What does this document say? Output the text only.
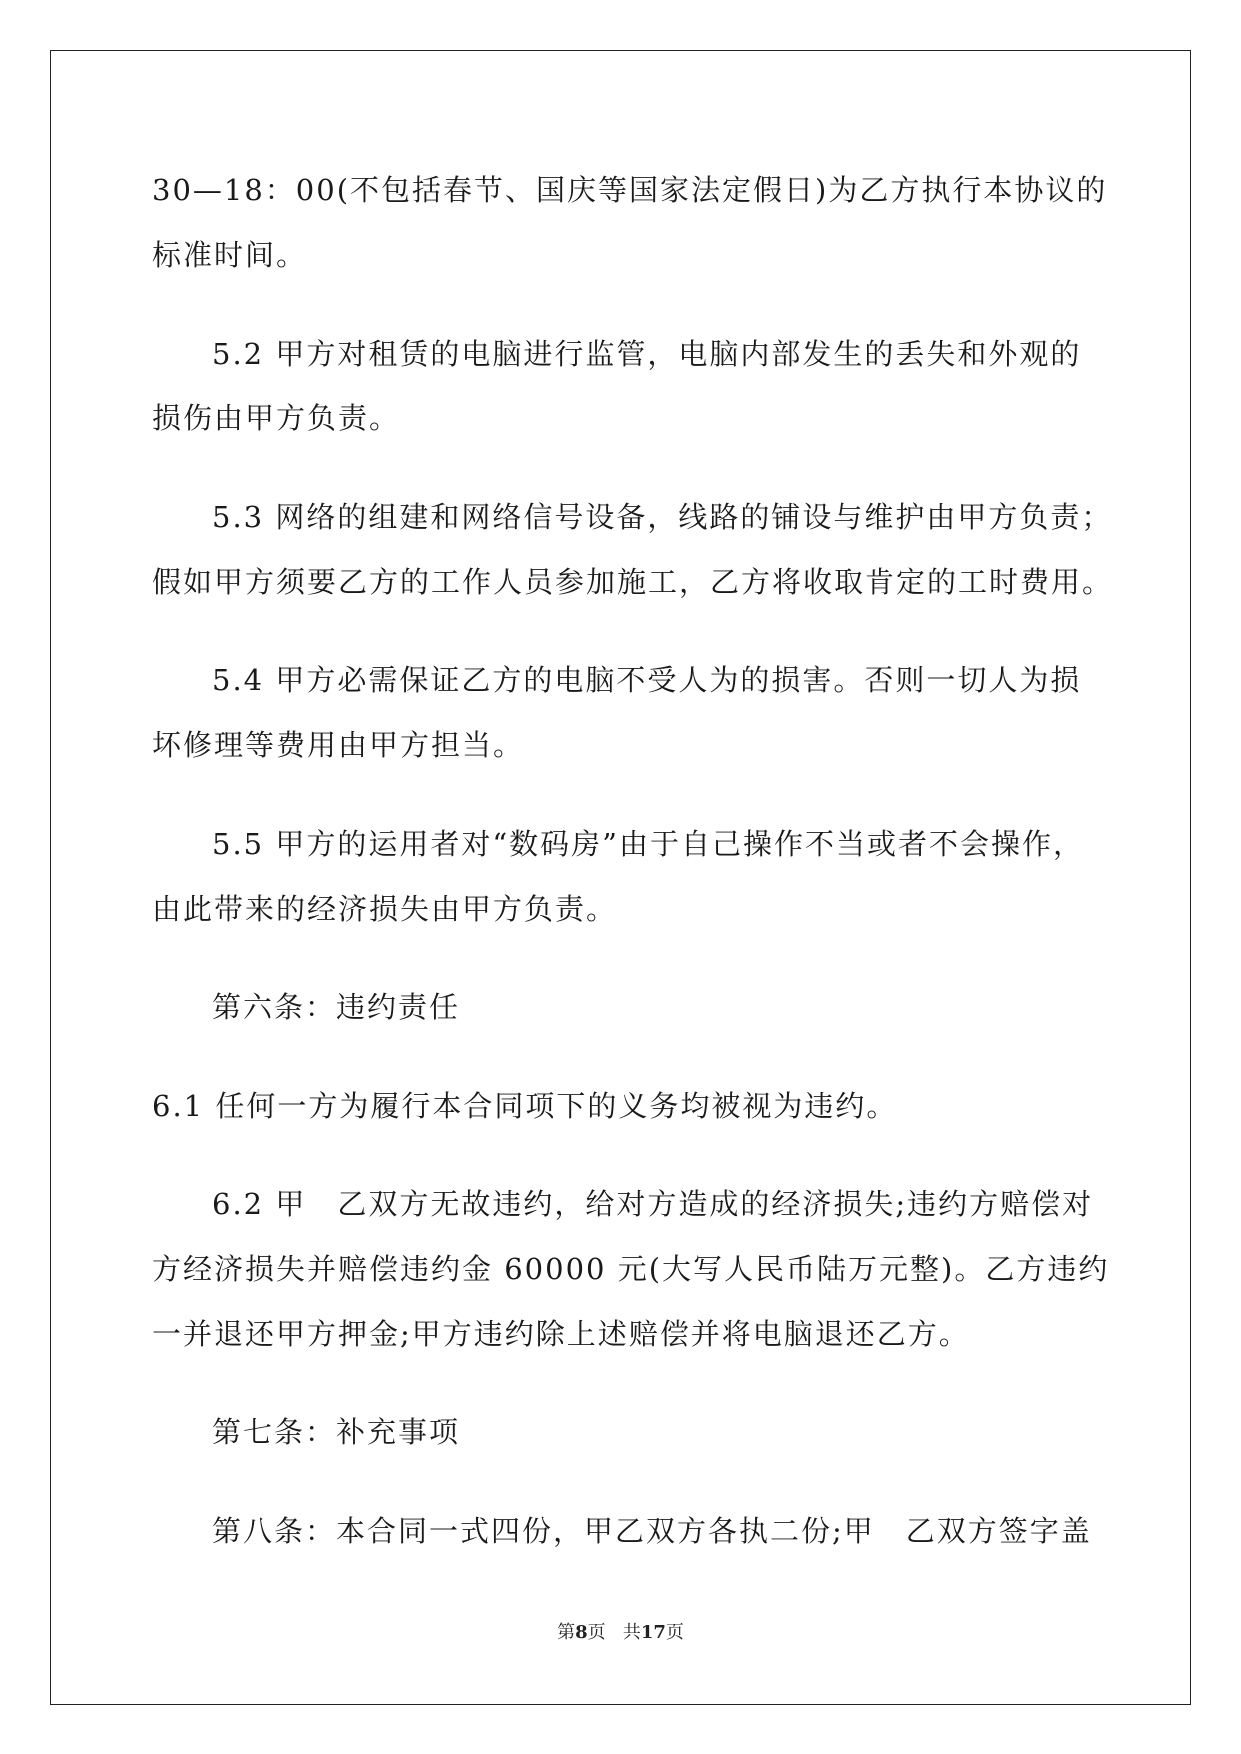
30—18：00(不包括春节、国庆等国家法定假日)为乙方执行本协议的
标准时间。
5.2 甲方对租赁的电脑进行监管，电脑内部发生的丢失和外观的
损伤由甲方负责。
5.3 网络的组建和网络信号设备，线路的铺设与维护由甲方负责；
假如甲方须要乙方的工作人员参加施工，乙方将收取肯定的工时费用。
5.4 甲方必需保证乙方的电脑不受人为的损害。否则一切人为损
坏修理等费用由甲方担当。
5.5 甲方的运用者对“数码房”由于自己操作不当或者不会操作，
由此带来的经济损失由甲方负责。
第六条：违约责任
6.1 任何一方为履行本合同项下的义务均被视为违约。
6.2 甲　乙双方无故违约，给对方造成的经济损失;违约方赔偿对
方经济损失并赔偿违约金 60000 元(大写人民币陆万元整)。乙方违约
一并退还甲方押金;甲方违约除上述赔偿并将电脑退还乙方。
第七条：补充事项
第八条：本合同一式四份，甲乙双方各执二份;甲　乙双方签字盖
第8页 共17页
